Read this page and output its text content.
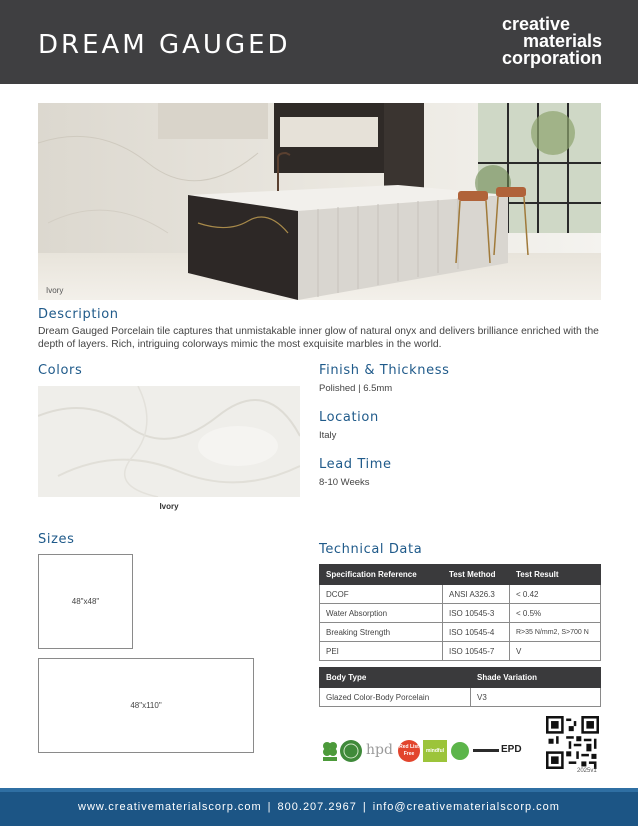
DREAM GAUGED
creative
materials
corporation
Ivory
Description
Dream Gauged Porcelain tile captures that unmistakable inner glow of natural onyx and delivers brilliance enriched with the depth of layers. Rich, intriguing colorways mimic the most exquisite marbles in the world.
Colors
Ivory
Finish & Thickness
Polished | 6.5mm
Location
Italy
Lead Time
8-10 Weeks
Sizes
48"x48"
48"x110"
Technical Data
Specification Reference	Test Method	Test Result
DCOF	ANSI A326.3	< 0.42
Water Absorption	ISO 10545-3	< 0.5%
Breaking Strength	ISO 10545-4	R>35 N/mm2, S>700 N
PEI	ISO 10545-7	V
Body Type	Shade Variation
Glazed Color-Body Porcelain	V3
hpd Red List Free	mindful	EPD
2025v1
www.creativematerialscorp.com | 800.207.2967 | info@creativematerialscorp.com
